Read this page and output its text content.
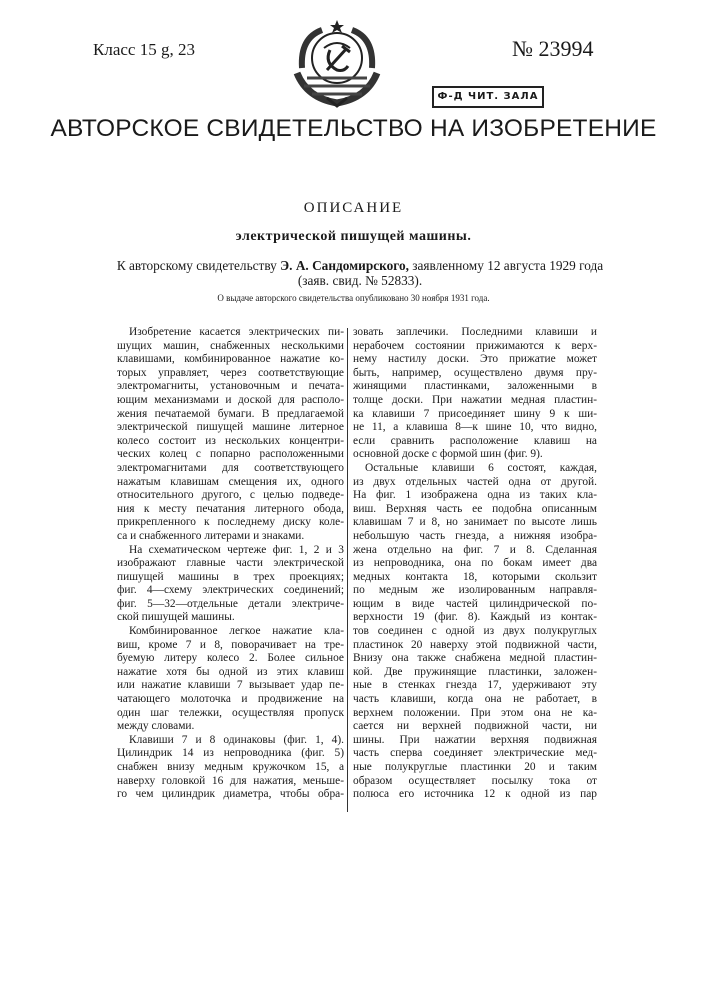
Класс 15 g, 23	№ 23994
Ф-Д ЧИТ. ЗАЛА
АВТОРСКОЕ СВИДЕТЕЛЬСТВО НА ИЗОБРЕТЕНИЕ
ОПИСАНИЕ
электрической пишущей машины.
К авторскому свидетельству Э. А. Сандомирского, заявленному 12 августа 1929 года
(заяв. свид. № 52833).
О выдаче авторского свидетельства опубликовано 30 ноября 1931 года.
Изобретение касается электрических пи-
шущих машин, снабженных несколькими
клавишами, комбинированное нажатие ко-
торых управляет, через соответствующие
электромагниты, установочным и печата-
ющим механизмами и доской для располо-
жения печатаемой бумаги. В предлагаемой
электрической пишущей машине литерное
колесо состоит из нескольких концентри-
ческих колец с попарно расположенными
электромагнитами для соответствующего
нажатым клавишам смещения их, одного
относительного другого, с целью подведе-
ния к месту печатания литерного обода,
прикрепленного к последнему диску коле-
са и снабженного литерами и знаками.
На схематическом чертеже фиг. 1, 2 и 3
изображают главные части электрической
пишущей машины в трех проекциях;
фиг. 4—схему электрических соединений;
фиг. 5—32—отдельные детали электриче-
ской пишущей машины.
Комбинированное легкое нажатие кла-
виш, кроме 7 и 8, поворачивает на тре-
буемую литеру колесо 2. Более сильное
нажатие хотя бы одной из этих клавиш
или нажатие клавиши 7 вызывает удар пе-
чатающего молоточка и продвижение на
один шаг тележки, осуществляя пропуск
между словами.
Клавиши 7 и 8 одинаковы (фиг. 1, 4).
Цилиндрик 14 из непроводника (фиг. 5)
снабжен внизу медным кружочком 15, а
наверху головкой 16 для нажатия, меньше-
го чем цилиндрик диаметра, чтобы обра-
зовать заплечики. Последними клавиши и
нерабочем состоянии прижимаются к верх-
нему настилу доски. Это прижатие может
быть, например, осуществлено двумя пру-
жинящими пластинками, заложенными в
толще доски. При нажатии медная пластин-
ка клавиши 7 присоединяет шину 9 к ши-
не 11, а клавиша 8—к шине 10, что видно,
если сравнить расположение клавиш на
основной доске с формой шин (фиг. 9).
Остальные клавиши 6 состоят, каждая,
из двух отдельных частей одна от другой.
На фиг. 1 изображена одна из таких кла-
виш. Верхняя часть ее подобна описанным
клавишам 7 и 8, но занимает по высоте лишь
небольшую часть гнезда, а нижняя изобра-
жена отдельно на фиг. 7 и 8. Сделанная
из непроводника, она по бокам имеет два
медных контакта 18, которыми скользит
по медным же изолированным направля-
ющим в виде частей цилиндрической по-
верхности 19 (фиг. 8). Каждый из контак-
тов соединен с одной из двух полукруглых
пластинок 20 наверху этой подвижной части,
Внизу она также снабжена медной пластин-
кой. Две пружинящие пластинки, заложен-
ные в стенках гнезда 17, удерживают эту
часть клавиши, когда она не работает, в
верхнем положении. При этом она не ка-
сается ни верхней подвижной части, ни
шины. При нажатии верхняя подвижная
часть сперва соединяет электрические мед-
ные полукруглые пластинки 20 и таким
образом осуществляет посылку тока от
полюса его источника 12 к одной из пар
